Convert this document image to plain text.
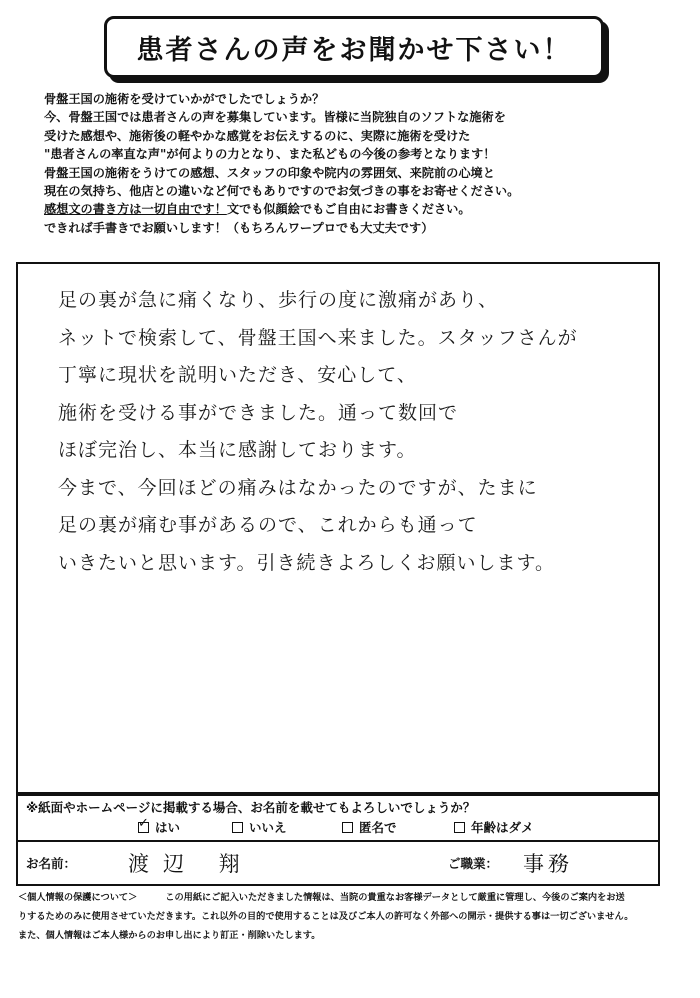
患者さんの声をお聞かせ下さい！
骨盤王国の施術を受けていかがでしたでしょうか？
今、骨盤王国では患者さんの声を募集しています。皆様に当院独自のソフトな施術を
受けた感想や、施術後の軽やかな感覚をお伝えするのに、実際に施術を受けた
"患者さんの率直な声"が何よりの力となり、また私どもの今後の参考となります！
骨盤王国の施術をうけての感想、スタッフの印象や院内の雰囲気、来院前の心境と
現在の気持ち、他店との違いなど何でもありですのでお気づきの事をお寄せください。
感想文の書き方は一切自由です！文でも似顔絵でもご自由にお書きください。
できれば手書きでお願いします！（もちろんワープロでも大丈夫です）
足の裏が急に痛くなり、歩行の度に激痛があり、
ネットで検索して、骨盤王国へ来ました。スタッフさんが
丁寧に現状を説明いただき、安心して、
施術を受ける事ができました。通って数回で
ほぼ完治し、本当に感謝しております。
今まで、今回ほどの痛みはなかったのですが、たまに
足の裏が痛む事があるので、これからも通って
いきたいと思います。引き続きよろしくお願いします。
※紙面やホームページに掲載する場合、お名前を載せてもよろしいでしょうか？
✓
はい	いいえ	匿名で	年齢はダメ
お名前： 渡辺 翔	ご職業： 事務
＜個人情報の保護について＞	この用紙にご記入いただきました情報は、当院の貴重なお客様データとして厳重に管理し、今後のご案内をお送
りするためのみに使用させていただきます。これ以外の目的で使用することは及びご本人の許可なく外部への開示・提供する事は一切ございません。
また、個人情報はご本人様からのお申し出により訂正・削除いたします。
